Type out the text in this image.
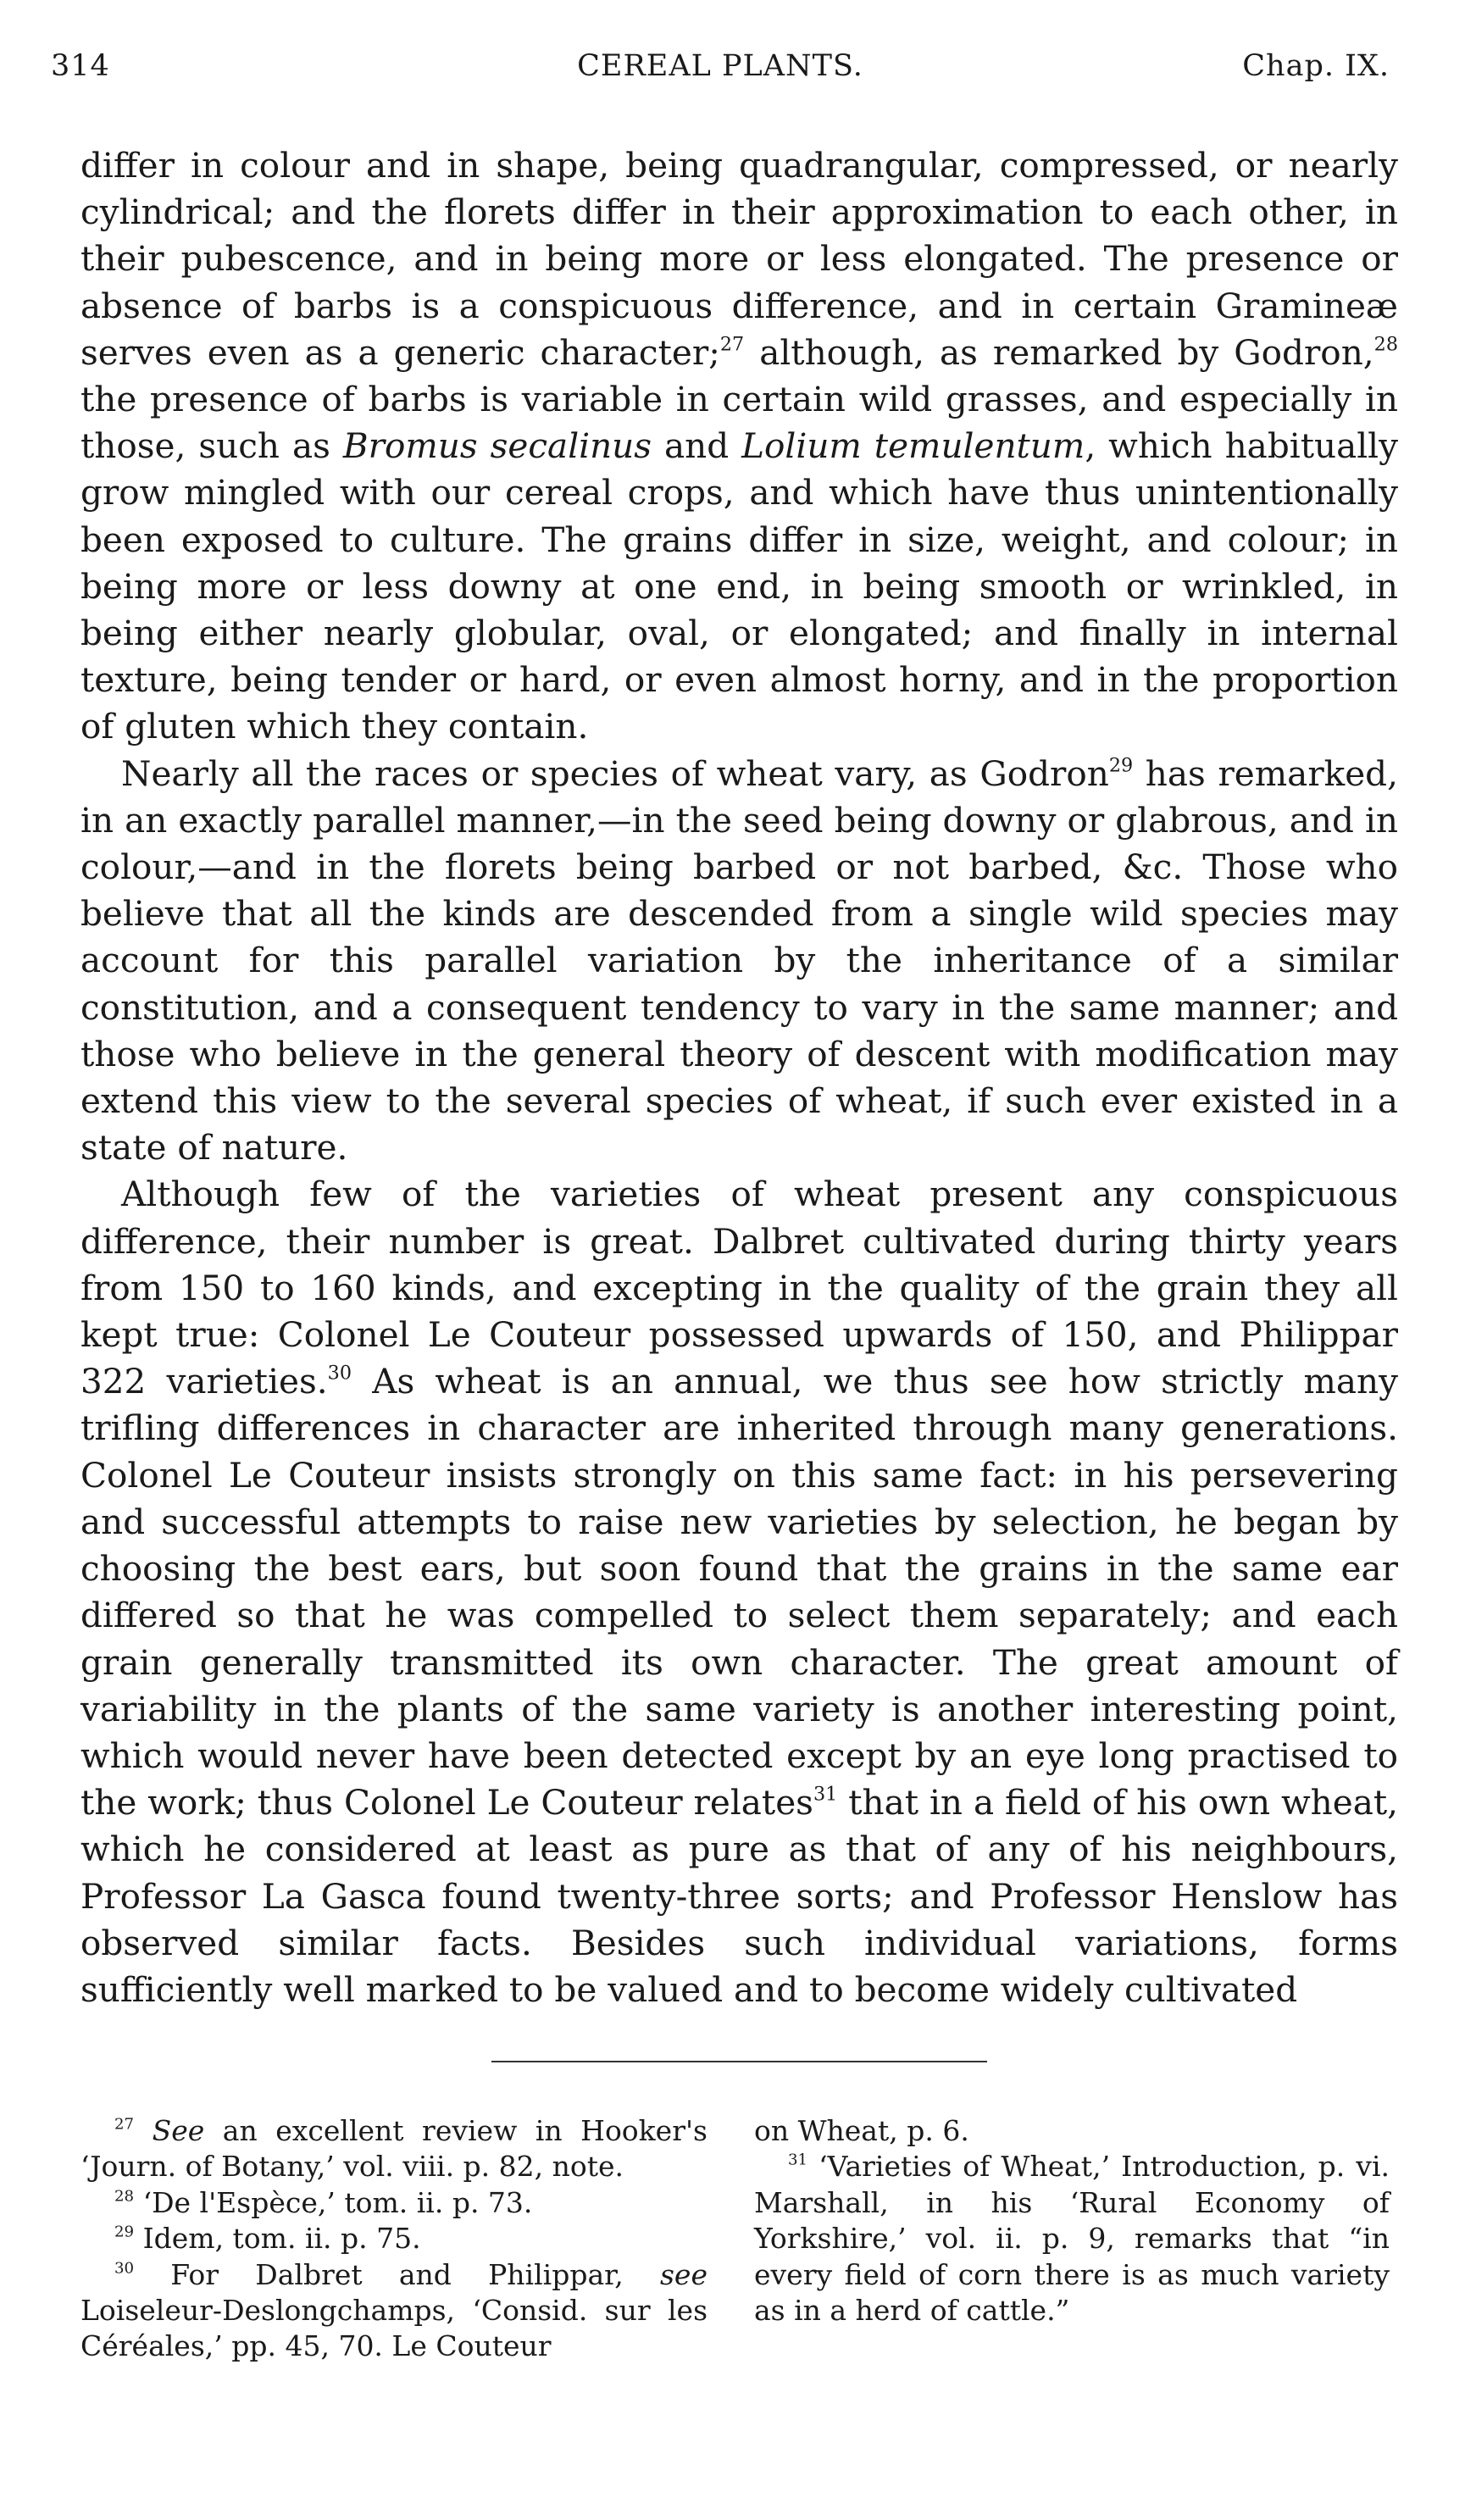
314	CEREAL PLANTS.	Chap. IX.

differ in colour and in shape, being quadrangular, compressed, or nearly cylindrical; and the florets differ in their approximation to each other, in their pubescence, and in being more or less elongated. The presence or absence of barbs is a conspicuous difference, and in certain Gramineæ serves even as a generic character;$^{27}$ although, as remarked by Godron,$^{28}$ the presence of barbs is variable in certain wild grasses, and especially in those, such as Bromus secalinus and Lolium temulentum, which habitually grow mingled with our cereal crops, and which have thus unintentionally been exposed to culture. The grains differ in size, weight, and colour; in being more or less downy at one end, in being smooth or wrinkled, in being either nearly globular, oval, or elongated; and finally in internal texture, being tender or hard, or even almost horny, and in the proportion of gluten which they contain.

Nearly all the races or species of wheat vary, as Godron$^{29}$ has remarked, in an exactly parallel manner,—in the seed being downy or glabrous, and in colour,—and in the florets being barbed or not barbed, &c. Those who believe that all the kinds are descended from a single wild species may account for this parallel variation by the inheritance of a similar constitution, and a consequent tendency to vary in the same manner; and those who believe in the general theory of descent with modification may extend this view to the several species of wheat, if such ever existed in a state of nature.

Although few of the varieties of wheat present any conspicuous difference, their number is great. Dalbret cultivated during thirty years from 150 to 160 kinds, and excepting in the quality of the grain they all kept true: Colonel Le Couteur possessed upwards of 150, and Philippar 322 varieties.$^{30}$ As wheat is an annual, we thus see how strictly many trifling differences in character are inherited through many generations. Colonel Le Couteur insists strongly on this same fact: in his persevering and successful attempts to raise new varieties by selection, he began by choosing the best ears, but soon found that the grains in the same ear differed so that he was compelled to select them separately; and each grain generally transmitted its own character. The great amount of variability in the plants of the same variety is another interesting point, which would never have been detected except by an eye long practised to the work; thus Colonel Le Couteur relates$^{31}$ that in a field of his own wheat, which he considered at least as pure as that of any of his neighbours, Professor La Gasca found twenty-three sorts; and Professor Henslow has observed similar facts. Besides such individual variations, forms sufficiently well marked to be valued and to become widely cultivated

$^{27}$ See an excellent review in Hooker's ‘Journ. of Botany,’ vol. viii. p. 82, note.

$^{28}$ ‘De l'Espèce,’ tom. ii. p. 73.

$^{29}$ Idem, tom. ii. p. 75.

$^{30}$ For Dalbret and Philippar, see Loiseleur-Deslongchamps, ‘Consid. sur les Céréales,’ pp. 45, 70. Le Couteur

on Wheat, p. 6.

$^{31}$ ‘Varieties of Wheat,’ Introduction, p. vi. Marshall, in his ‘Rural Economy of Yorkshire,’ vol. ii. p. 9, remarks that “in every field of corn there is as much variety as in a herd of cattle.”
